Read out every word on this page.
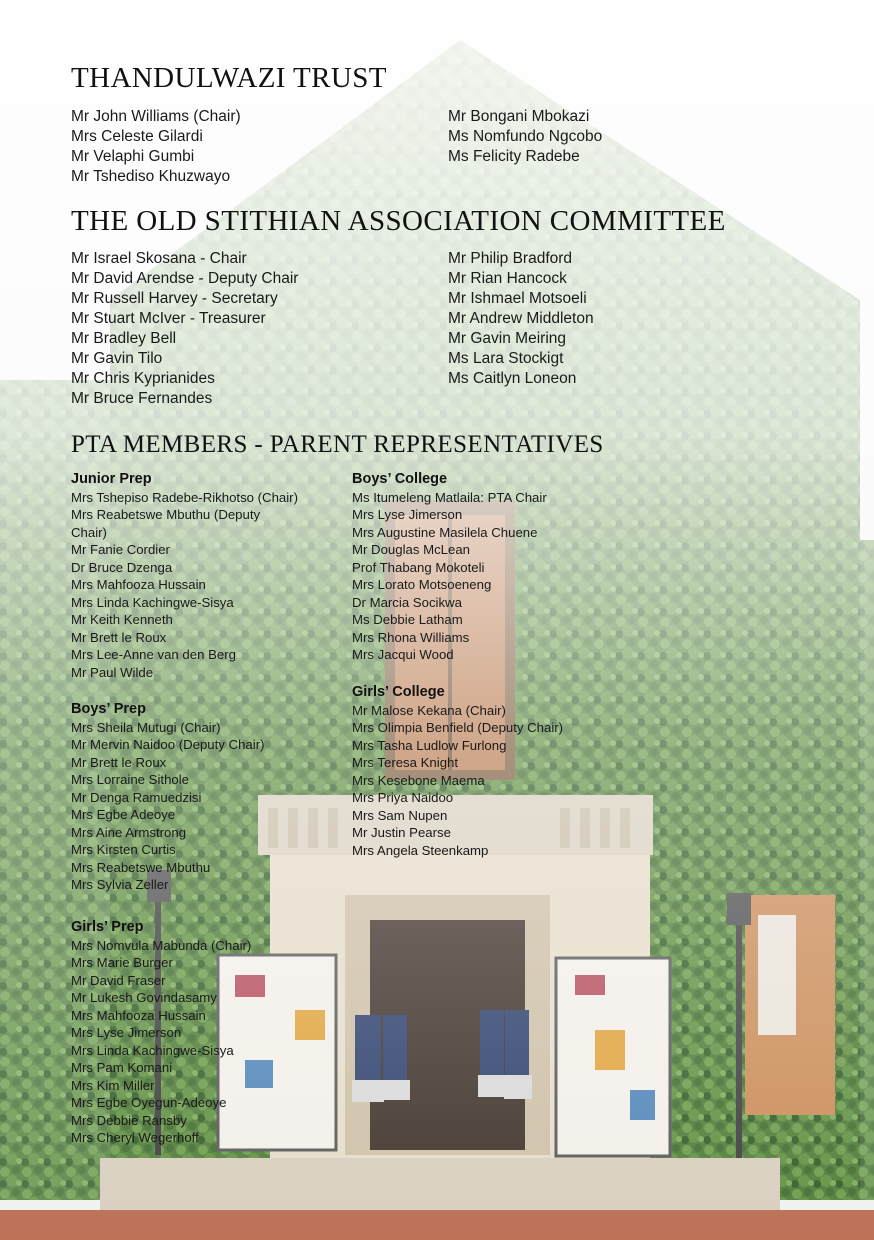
THANDULWAZI TRUST
Mr John Williams (Chair)
Mrs Celeste Gilardi
Mr Velaphi Gumbi
Mr Tshediso Khuzwayo
Mr Bongani Mbokazi
Ms Nomfundo Ngcobo
Ms Felicity Radebe
THE OLD STITHIAN ASSOCIATION COMMITTEE
Mr Israel Skosana - Chair
Mr David Arendse - Deputy Chair
Mr Russell Harvey - Secretary
Mr Stuart McIver - Treasurer
Mr Bradley Bell
Mr Gavin Tilo
Mr Chris Kyprianides
Mr Bruce Fernandes
Mr Philip Bradford
Mr Rian Hancock
Mr Ishmael Motsoeli
Mr Andrew Middleton
Mr Gavin Meiring
Ms Lara Stockigt
Ms Caitlyn Loneon
PTA MEMBERS - PARENT REPRESENTATIVES
Junior Prep
Mrs Tshepiso Radebe-Rikhotso (Chair)
Mrs Reabetswe Mbuthu (Deputy
Chair)
Mr Fanie Cordier
Dr Bruce Dzenga
Mrs Mahfooza Hussain
Mrs Linda Kachingwe-Sisya
Mr Keith Kenneth
Mr Brett le Roux
Mrs Lee-Anne van den Berg
Mr Paul Wilde
Boys’ Prep
Mrs Sheila Mutugi (Chair)
Mr Mervin Naidoo (Deputy Chair)
Mr Brett le Roux
Mrs Lorraine Sithole
Mr Denga Ramuedzisi
Mrs Egbe Adeoye
Mrs Aine Armstrong
Mrs Kirsten Curtis
Mrs Reabetswe Mbuthu
Mrs Sylvia Zeller
Girls’ Prep
Mrs Nomvula Mabunda (Chair)
Mrs Marie Burger
Mr David Fraser
Mr Lukesh Govindasamy
Mrs Mahfooza Hussain
Mrs Lyse Jimerson
Mrs Linda Kachingwe-Sisya
Mrs Pam Komani
Mrs Kim Miller
Mrs Egbe Oyegun-Adeoye
Mrs Debbie Ransby
Mrs Cheryl Wegerhoff
Boys’ College
Ms Itumeleng Matlaila: PTA Chair
Mrs Lyse Jimerson
Mrs Augustine Masilela Chuene
Mr Douglas McLean
Prof Thabang Mokoteli
Mrs Lorato Motsoeneng
Dr Marcia Socikwa
Ms Debbie Latham
Mrs Rhona Williams
Mrs Jacqui Wood
Girls’ College
Mr Malose Kekana (Chair)
Mrs Olimpia Benfield (Deputy Chair)
Mrs Tasha Ludlow Furlong
Mrs Teresa Knight
Mrs Kesebone Maema
Mrs Priya Naidoo
Mrs Sam Nupen
Mr Justin Pearse
Mrs Angela Steenkamp
